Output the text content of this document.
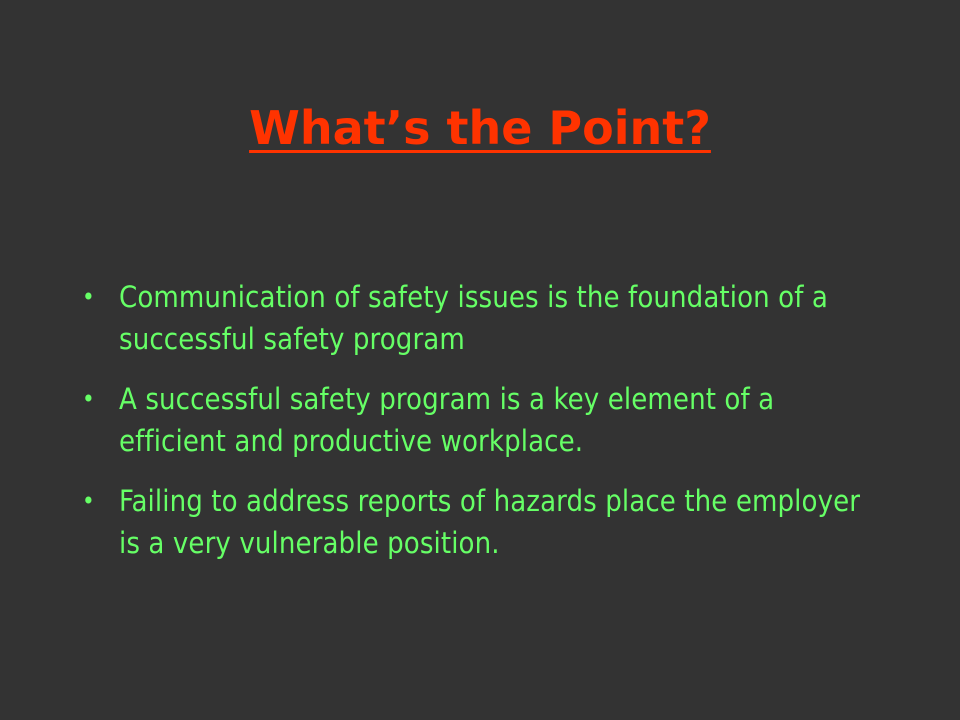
What’s the Point?
• Communication of safety issues is the foundation of a successful safety program
• A successful safety program is a key element of a efficient and productive workplace.
• Failing to address reports of hazards place the employer is a very vulnerable position.
